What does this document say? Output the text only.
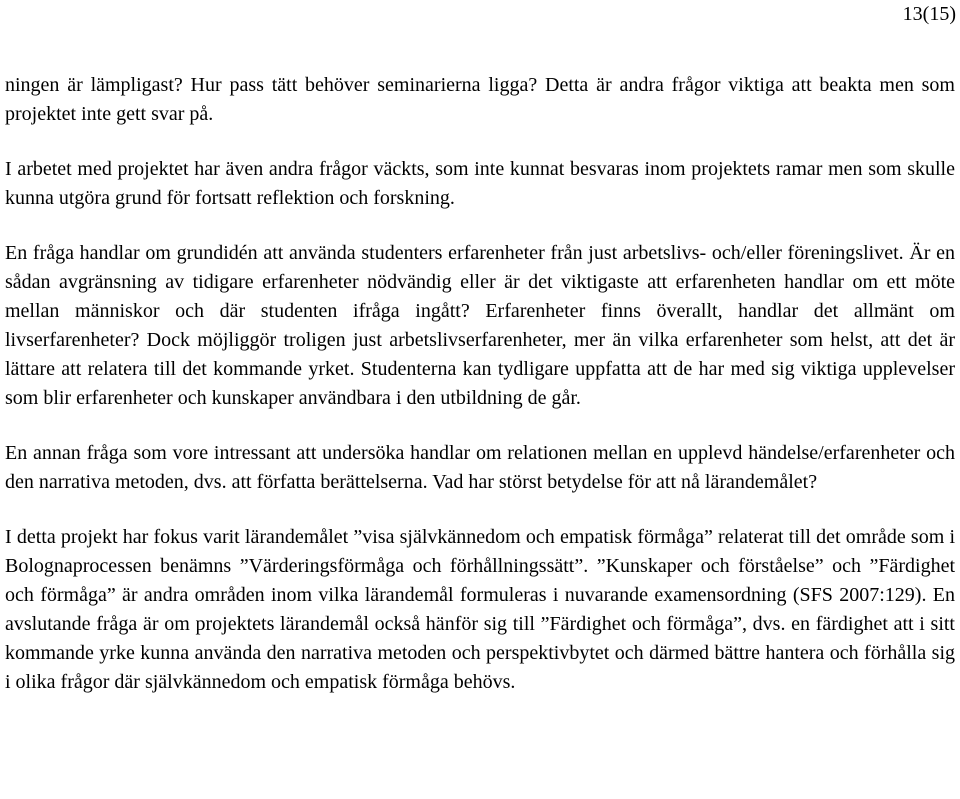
13(15)

ningen är lämpligast? Hur pass tätt behöver seminarierna ligga? Detta är andra frågor viktiga att beakta men som projektet inte gett svar på.

I arbetet med projektet har även andra frågor väckts, som inte kunnat besvaras inom projektets ramar men som skulle kunna utgöra grund för fortsatt reflektion och forskning.

En fråga handlar om grundidén att använda studenters erfarenheter från just arbetslivs- och/eller föreningslivet. Är en sådan avgränsning av tidigare erfarenheter nödvändig eller är det viktigaste att erfarenheten handlar om ett möte mellan människor och där studenten ifråga ingått? Erfarenheter finns överallt, handlar det allmänt om livserfarenheter? Dock möjliggör troligen just arbetslivserfarenheter, mer än vilka erfarenheter som helst, att det är lättare att relatera till det kommande yrket. Studenterna kan tydligare uppfatta att de har med sig viktiga upplevelser som blir erfarenheter och kunskaper användbara i den utbildning de går.

En annan fråga som vore intressant att undersöka handlar om relationen mellan en upplevd händelse/erfarenheter och den narrativa metoden, dvs. att författa berättelserna. Vad har störst betydelse för att nå lärandemålet?

I detta projekt har fokus varit lärandemålet ”visa självkännedom och empatisk förmåga” relaterat till det område som i Bolognaprocessen benämns ”Värderingsförmåga och förhållningssätt”. ”Kunskaper och förståelse” och ”Färdighet och förmåga” är andra områden inom vilka lärandemål formuleras i nuvarande examensordning (SFS 2007:129). En avslutande fråga är om projektets lärandemål också hänför sig till ”Färdighet och förmåga”, dvs. en färdighet att i sitt kommande yrke kunna använda den narrativa metoden och perspektivbytet och därmed bättre hantera och förhålla sig i olika frågor där självkännedom och empatisk förmåga behövs.
